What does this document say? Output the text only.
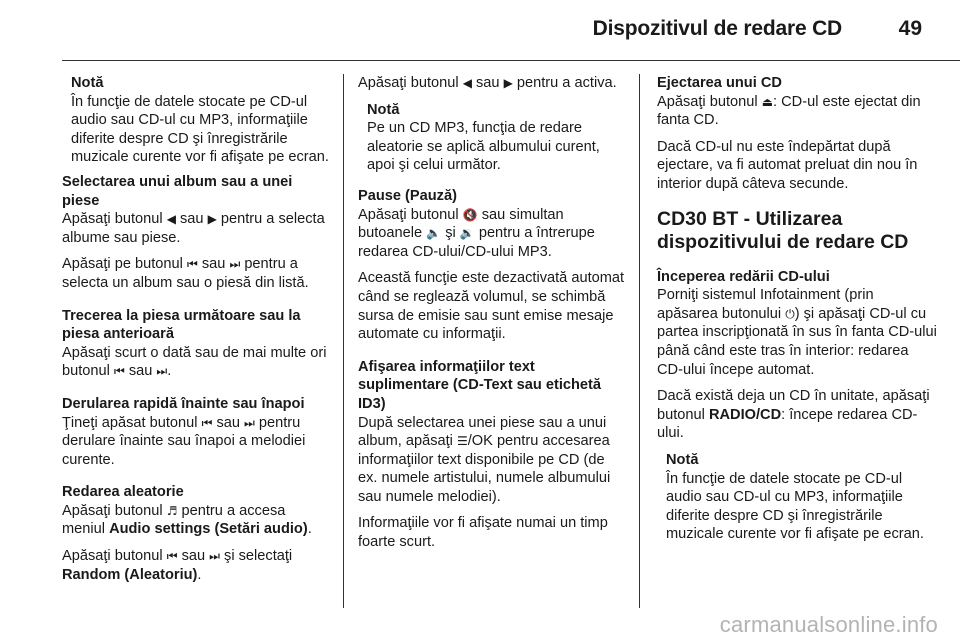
Dispozitivul de redare CD	49
Notă
În funcţie de datele stocate pe CD-ul audio sau CD-ul cu MP3, informaţiile diferite despre CD şi înregistrările muzicale curente vor fi afişate pe ecran.

Selectarea unui album sau a unei piese

Apăsaţi butonul ◀ sau ▶ pentru a selecta albume sau piese.

Apăsaţi pe butonul ⏮ sau ⏭ pentru a selecta un album sau o piesă din listă.

Trecerea la piesa următoare sau la piesa anterioară

Apăsaţi scurt o dată sau de mai multe ori butonul ⏮ sau ⏭.

Derularea rapidă înainte sau înapoi

Ţineţi apăsat butonul ⏮ sau ⏭ pentru derulare înainte sau înapoi a melodiei curente.

Redarea aleatorie

Apăsaţi butonul ♬ pentru a accesa meniul Audio settings (Setări audio).

Apăsaţi butonul ⏮ sau ⏭ şi selectaţi Random (Aleatoriu).

Apăsaţi butonul ◀ sau ▶ pentru a activa.

Notă
Pe un CD MP3, funcţia de redare aleatorie se aplică albumului curent, apoi şi celui următor.

Pause (Pauză)

Apăsaţi butonul 🔇 sau simultan butoanele 🔈 şi 🔉 pentru a întrerupe redarea CD-ului/CD-ului MP3.

Această funcţie este dezactivată automat când se reglează volumul, se schimbă sursa de emisie sau sunt emise mesaje automate cu informaţii.

Afişarea informaţiilor text suplimentare (CD-Text sau etichetă ID3)

După selectarea unei piese sau a unui album, apăsaţi ☰/OK pentru accesarea informaţiilor text disponibile pe CD (de ex. numele artistului, numele albumului sau numele melodiei).

Informaţiile vor fi afişate numai un timp foarte scurt.

Ejectarea unui CD

Apăsaţi butonul ⏏: CD-ul este ejectat din fanta CD.

Dacă CD-ul nu este îndepărtat după ejectare, va fi automat preluat din nou în interior după câteva secunde.

CD30 BT - Utilizarea dispozitivului de redare CD

Începerea redării CD-ului

Porniţi sistemul Infotainment (prin apăsarea butonului ⏻) şi apăsaţi CD-ul cu partea inscripţionată în sus în fanta CD-ului până când este tras în interior: redarea CD-ului începe automat.

Dacă există deja un CD în unitate, apăsaţi butonul RADIO/CD: începe redarea CD-ului.

Notă
În funcţie de datele stocate pe CD-ul audio sau CD-ul cu MP3, informaţiile diferite despre CD şi înregistrările muzicale curente vor fi afişate pe ecran.
carmanualsonline.info
